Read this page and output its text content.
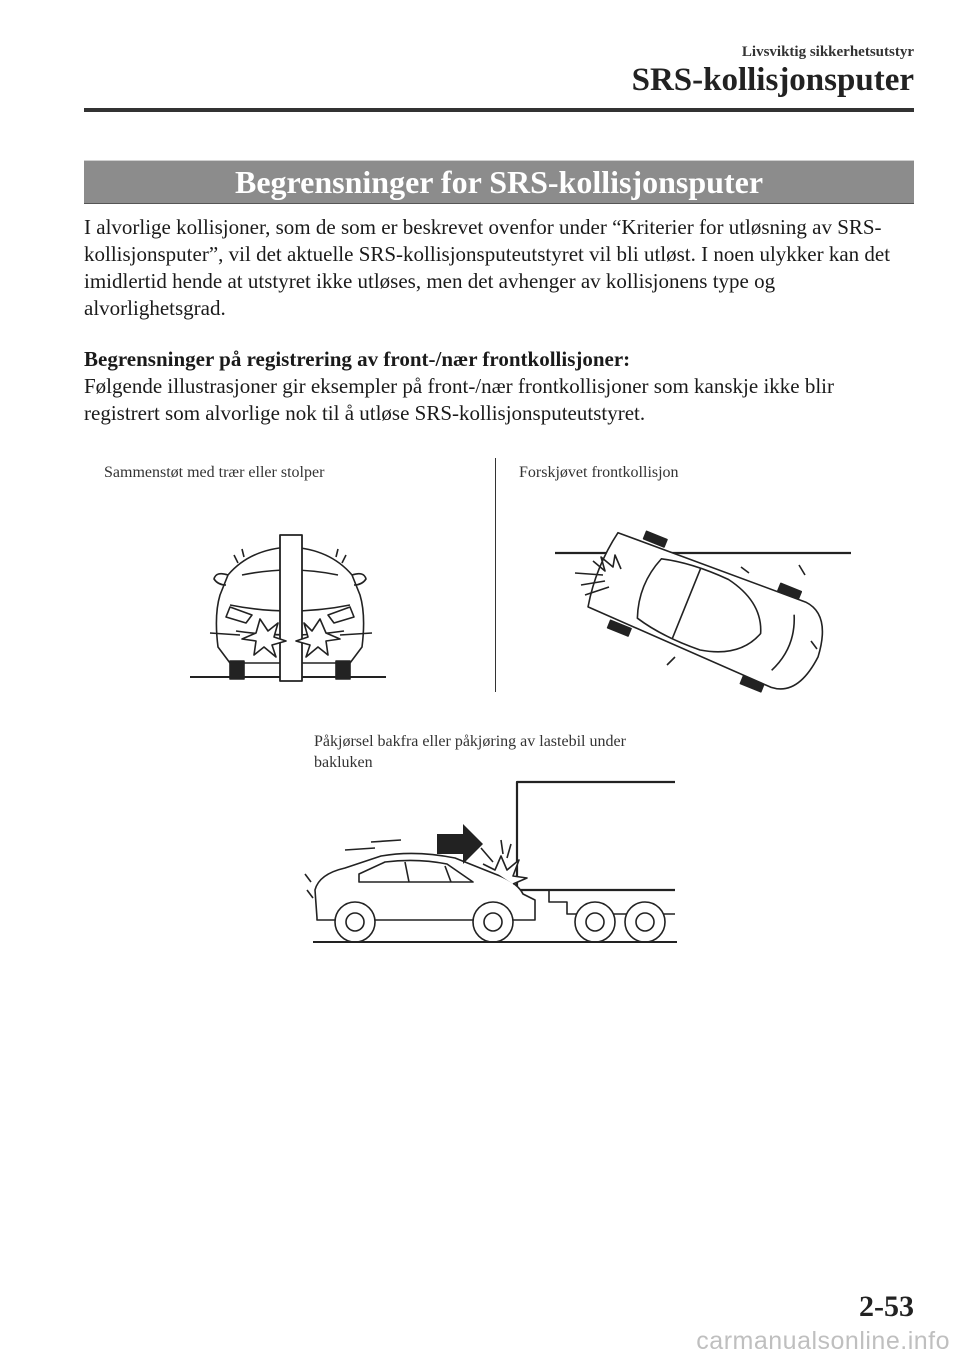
Livsviktig sikkerhetsutstyr
SRS-kollisjonsputer
Begrensninger for SRS-kollisjonsputer

I alvorlige kollisjoner, som de som er beskrevet ovenfor under “Kriterier for utløsning av SRS-kollisjonsputer”, vil det aktuelle SRS-kollisjonsputeutstyret vil bli utløst. I noen ulykker kan det imidlertid hende at utstyret ikke utløses, men det avhenger av kollisjonens type og alvorlighetsgrad.

Begrensninger på registrering av front-/nær frontkollisjoner:

Følgende illustrasjoner gir eksempler på front-/nær frontkollisjoner som kanskje ikke blir registrert som alvorlige nok til å utløse SRS-kollisjonsputeutstyret.

Sammenstøt med trær eller stolper	Forskjøvet frontkollisjon
Påkjørsel bakfra eller påkjøring av lastebil under bakluken
2-53
carmanualsonline.info
